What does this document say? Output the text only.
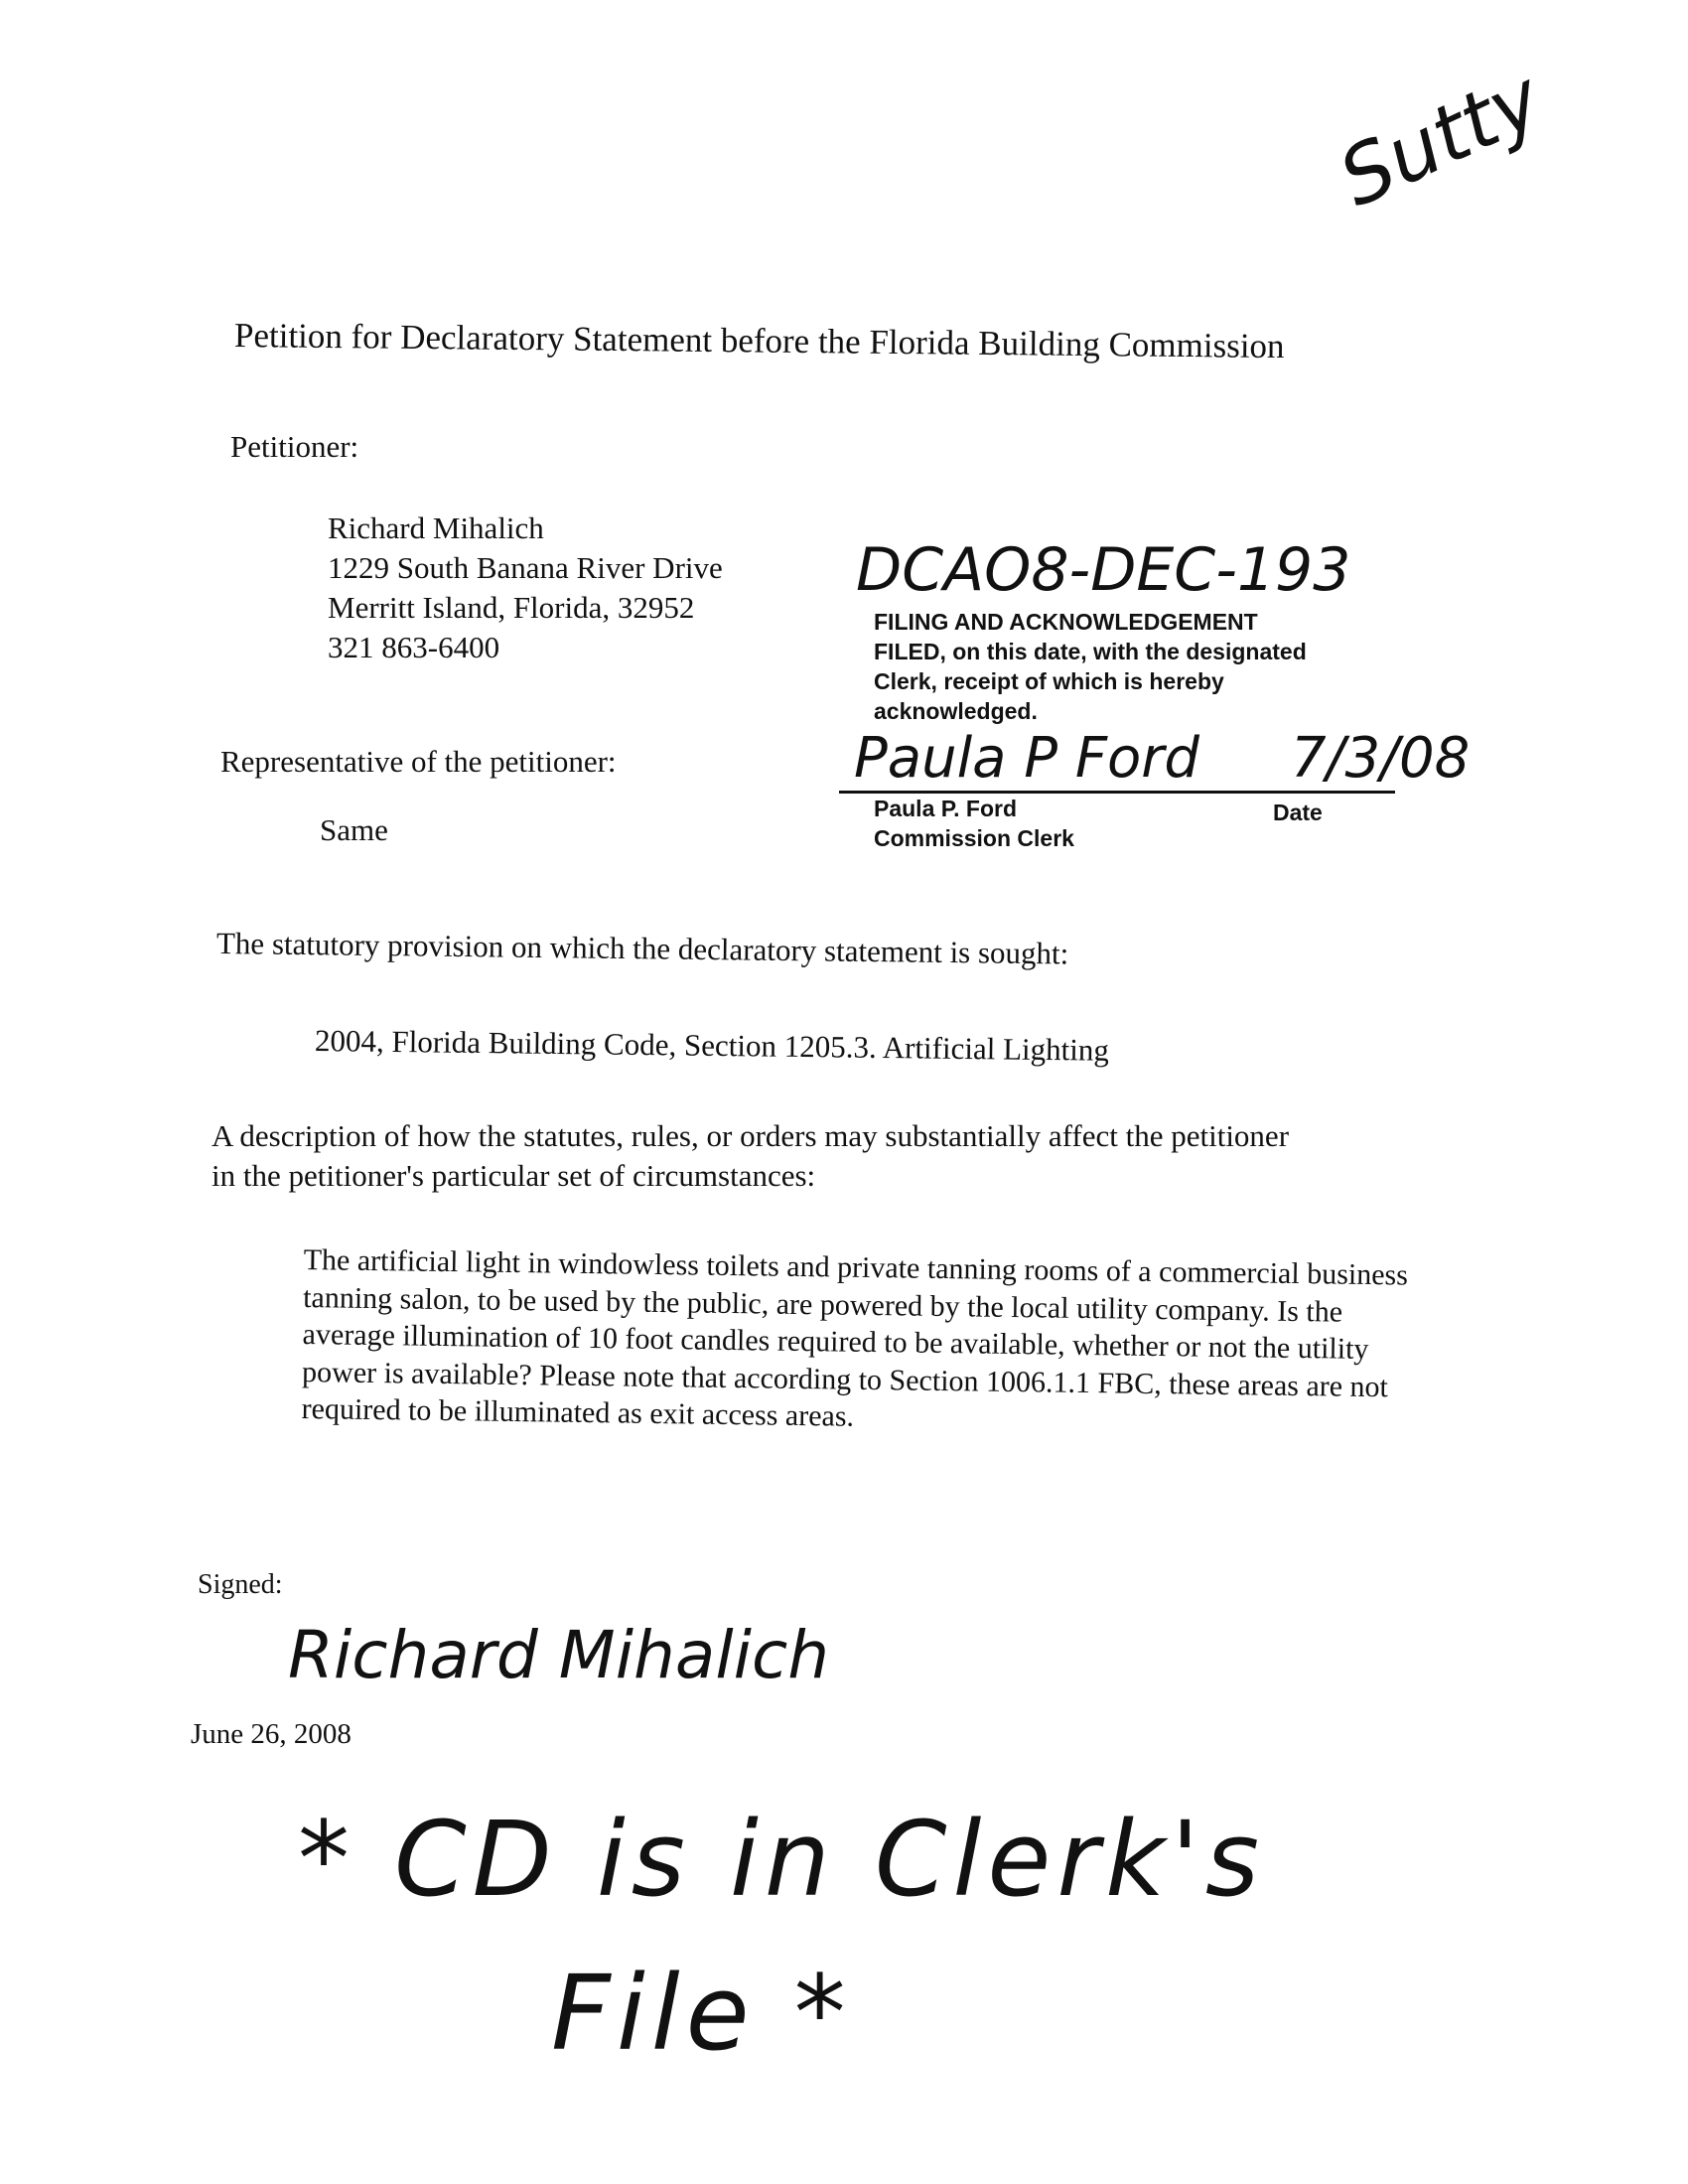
Sutty
Petition for Declaratory Statement before the Florida Building Commission
Petitioner:
Richard Mihalich
1229 South Banana River Drive
Merritt Island, Florida, 32952
321 863-6400
Representative of the petitioner:
Same
DCAO8-DEC-193
FILING AND ACKNOWLEDGEMENT
FILED, on this date, with the designated
Clerk, receipt of which is hereby
acknowledged.
Paula P Ford 7/3/08
Paula P. Ford	Date
Commission Clerk
The statutory provision on which the declaratory statement is sought:
2004, Florida Building Code, Section 1205.3. Artificial Lighting
A description of how the statutes, rules, or orders may substantially affect the petitioner
in the petitioner's particular set of circumstances:
The artificial light in windowless toilets and private tanning rooms of a commercial business tanning salon, to be used by the public, are powered by the local utility company. Is the average illumination of 10 foot candles required to be available, whether or not the utility power is available? Please note that according to Section 1006.1.1 FBC, these areas are not required to be illuminated as exit access areas.
Signed:
Richard Mihalich
June 26, 2008
* CD is in Clerk's
File *
